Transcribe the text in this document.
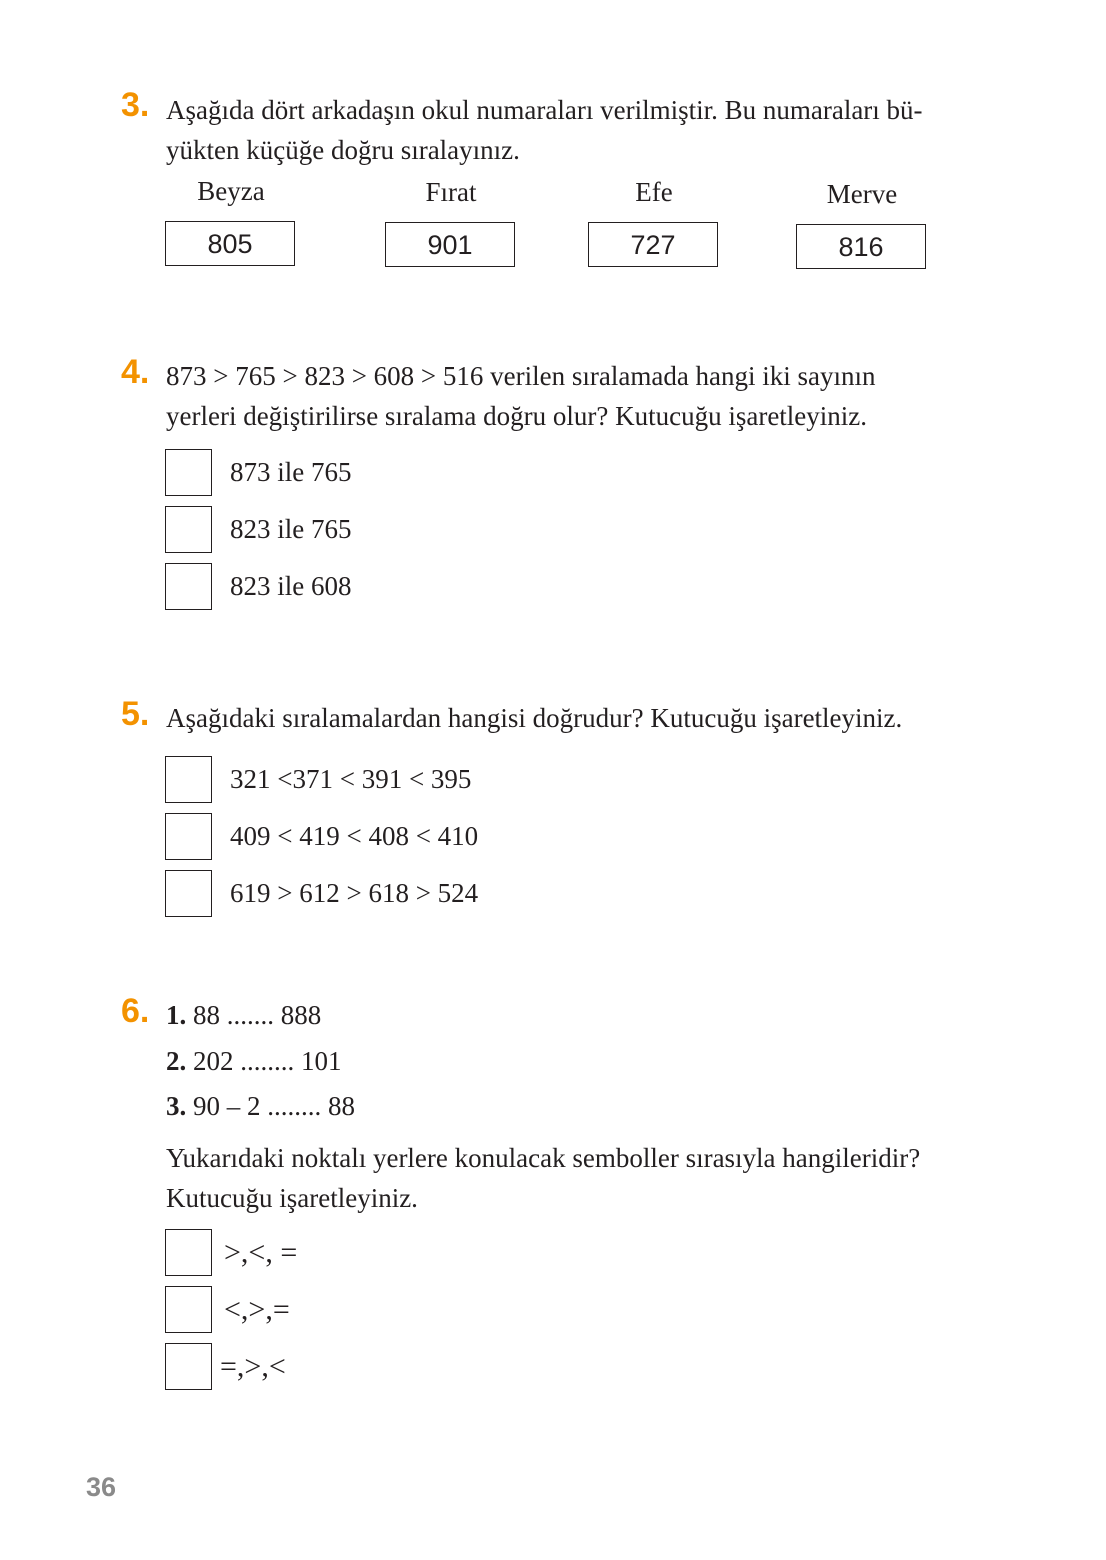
3. Aşağıda dört arkadaşın okul numaraları verilmiştir. Bu numaraları bü-
yükten küçüğe doğru sıralayınız.
Beyza
805
Fırat
901
Efe
727
Merve
816
4. 873 > 765 > 823 > 608 > 516 verilen sıralamada hangi iki sayının
yerleri değiştirilirse sıralama doğru olur? Kutucuğu işaretleyiniz.
873 ile 765
823 ile 765
823 ile 608
5. Aşağıdaki sıralamalardan hangisi doğrudur? Kutucuğu işaretleyiniz.
321 <371 < 391 < 395
409 < 419 < 408 < 410
619 > 612 > 618 > 524
6. 1. 88 ....... 888
2. 202 ........ 101
3. 90 – 2 ........ 88
Yukarıdaki noktalı yerlere konulacak semboller sırasıyla hangileridir?
Kutucuğu işaretleyiniz.
>,<, =
<,>,=
=,>,<
36
